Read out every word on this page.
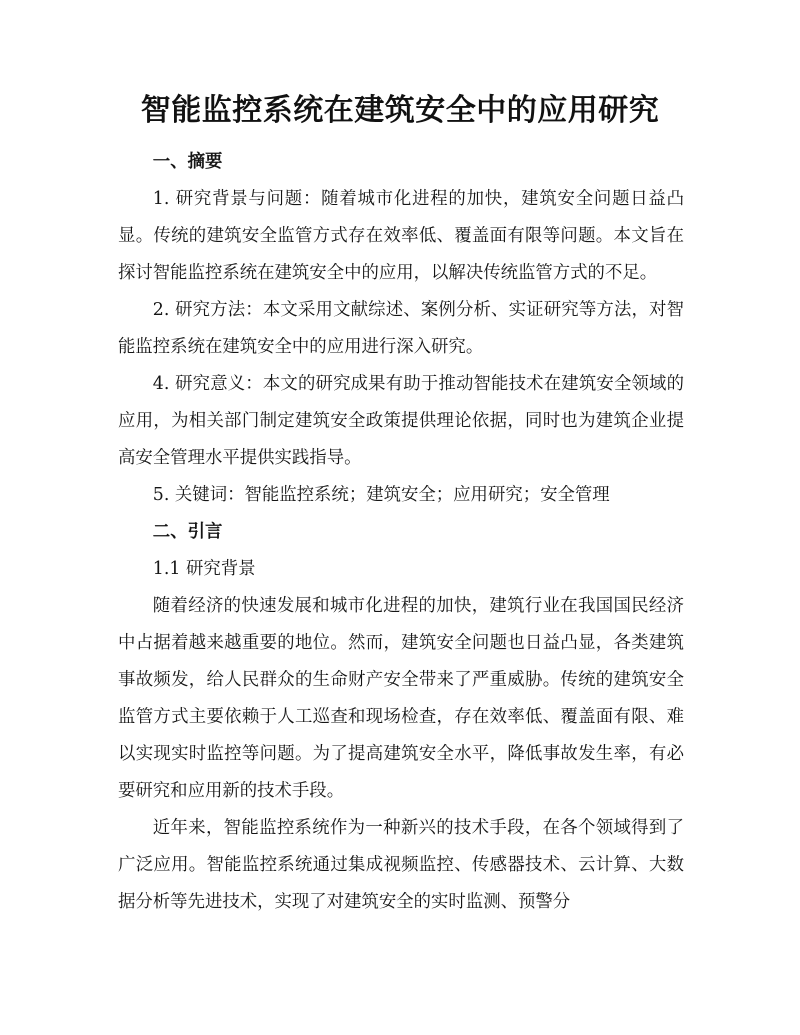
智能监控系统在建筑安全中的应用研究

一、摘要

1. 研究背景与问题：随着城市化进程的加快，建筑安全问题日益凸显。传统的建筑安全监管方式存在效率低、覆盖面有限等问题。本文旨在探讨智能监控系统在建筑安全中的应用，以解决传统监管方式的不足。

2. 研究方法：本文采用文献综述、案例分析、实证研究等方法，对智能监控系统在建筑安全中的应用进行深入研究。

4. 研究意义：本文的研究成果有助于推动智能技术在建筑安全领域的应用，为相关部门制定建筑安全政策提供理论依据，同时也为建筑企业提高安全管理水平提供实践指导。

5. 关键词：智能监控系统；建筑安全；应用研究；安全管理

二、引言

1.1 研究背景

随着经济的快速发展和城市化进程的加快，建筑行业在我国国民经济中占据着越来越重要的地位。然而，建筑安全问题也日益凸显，各类建筑事故频发，给人民群众的生命财产安全带来了严重威胁。传统的建筑安全监管方式主要依赖于人工巡查和现场检查，存在效率低、覆盖面有限、难以实现实时监控等问题。为了提高建筑安全水平，降低事故发生率，有必要研究和应用新的技术手段。

近年来，智能监控系统作为一种新兴的技术手段，在各个领域得到了广泛应用。智能监控系统通过集成视频监控、传感器技术、云计算、大数据分析等先进技术，实现了对建筑安全的实时监测、预警分
